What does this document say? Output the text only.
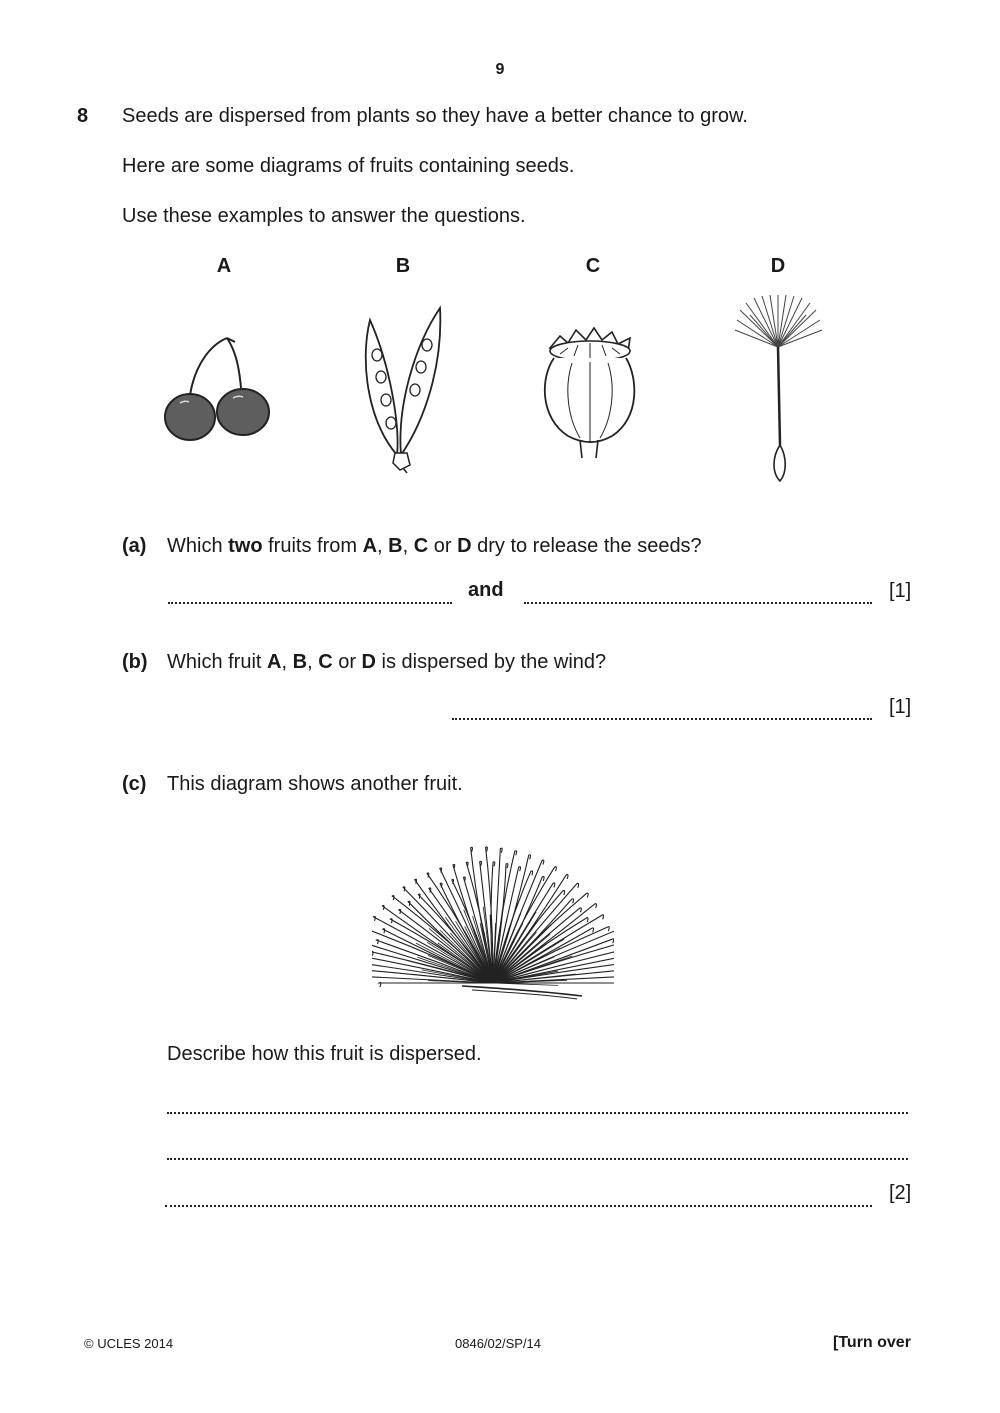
9
8 Seeds are dispersed from plants so they have a better chance to grow.
Here are some diagrams of fruits containing seeds.
Use these examples to answer the questions.
A	B	C	D
(a) Which two fruits from A, B, C or D dry to release the seeds?
and	[1]
(b) Which fruit A, B, C or D is dispersed by the wind?
[1]
(c) This diagram shows another fruit.
Describe how this fruit is dispersed.
[2]
© UCLES 2014	0846/02/SP/14	[Turn over
